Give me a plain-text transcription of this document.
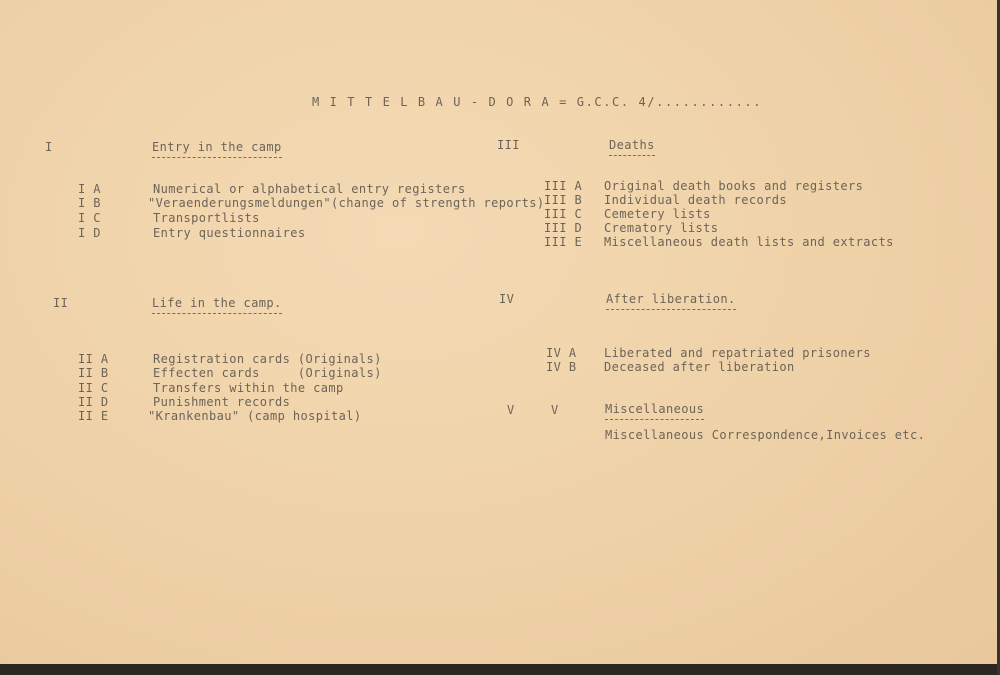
M I T T E L B A U - D O R A = G.C.C. 4/............
I	Entry in the camp
I A	Numerical or alphabetical entry registers
I B	"Veraenderungsmeldungen"(change of strength reports)
I C	Transportlists
I D	Entry questionnaires
II	Life in the camp.
II A	Registration cards (Originals)
II B	Effecten cards     (Originals)
II C	Transfers within the camp
II D	Punishment records
II E	"Krankenbau" (camp hospital)
III	Deaths
III A Original death books and registers
III B Individual death records
III C Cemetery lists
III D Crematory lists
III E Miscellaneous death lists and extracts
IV	After liberation.
IV A Liberated and repatriated prisoners
IV B Deceased after liberation
V	V	Miscellaneous
Miscellaneous Correspondence,Invoices etc.
